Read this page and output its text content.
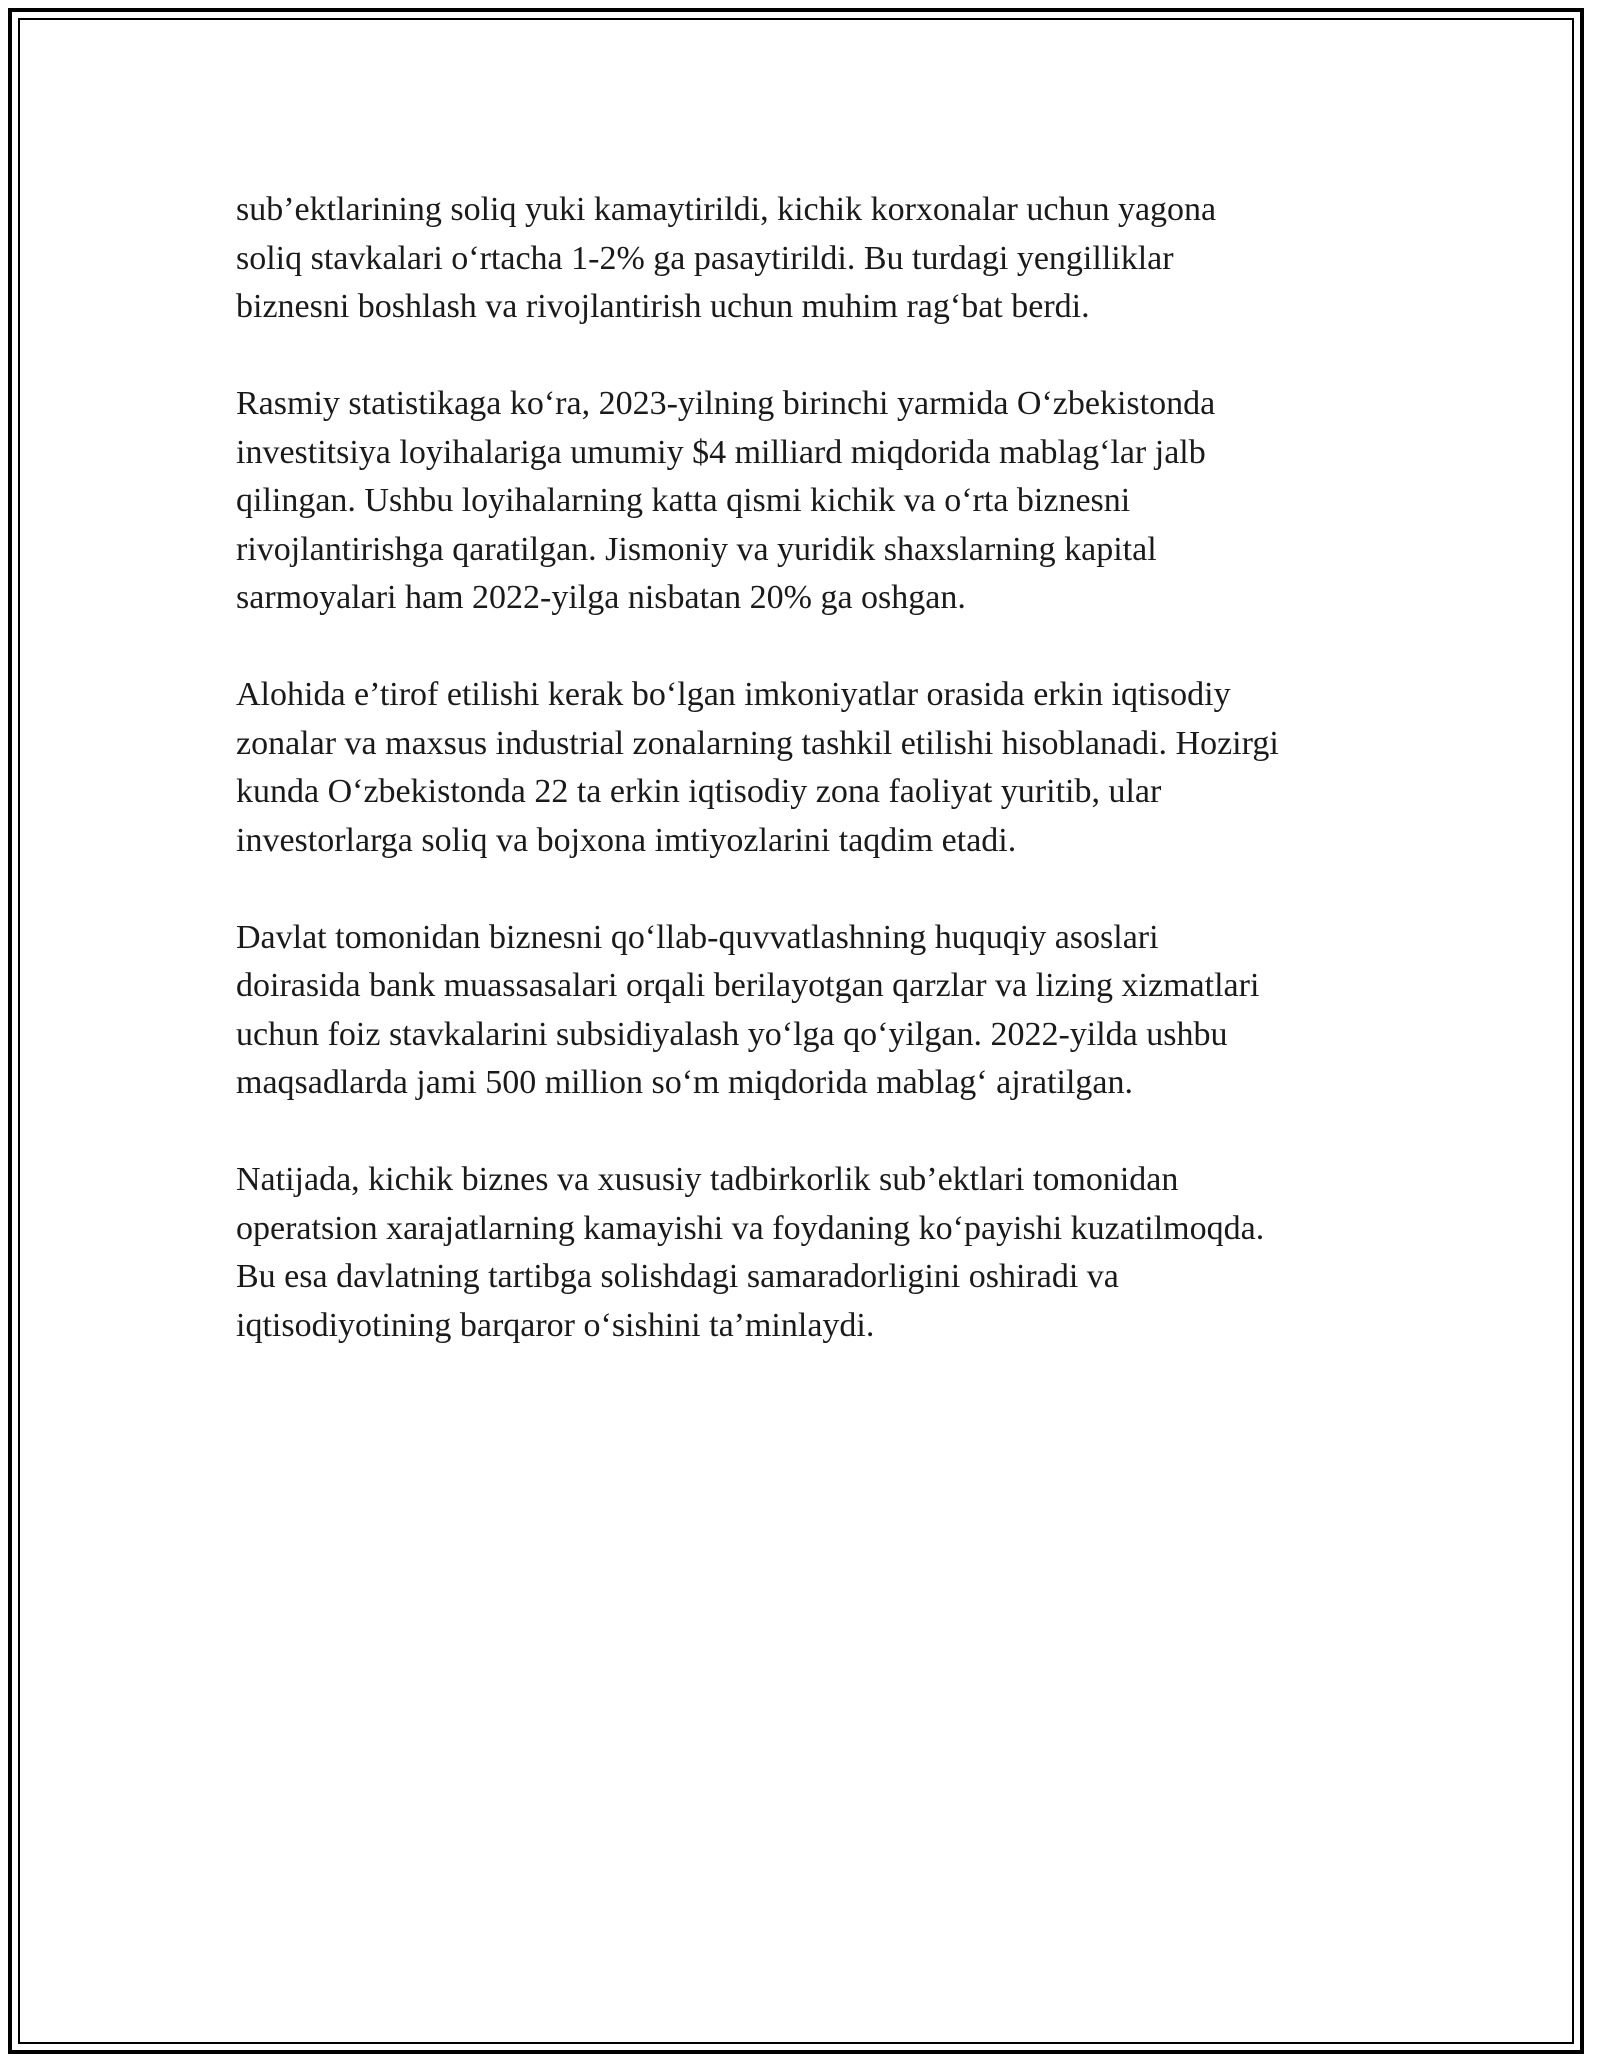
sub’ektlarining soliq yuki kamaytirildi, kichik korxonalar uchun yagona
soliq stavkalari o‘rtacha 1-2% ga pasaytirildi. Bu turdagi yengilliklar
biznesni boshlash va rivojlantirish uchun muhim rag‘bat berdi.

Rasmiy statistikaga ko‘ra, 2023-yilning birinchi yarmida O‘zbekistonda
investitsiya loyihalariga umumiy $4 milliard miqdorida mablag‘lar jalb
qilingan. Ushbu loyihalarning katta qismi kichik va o‘rta biznesni
rivojlantirishga qaratilgan. Jismoniy va yuridik shaxslarning kapital
sarmoyalari ham 2022-yilga nisbatan 20% ga oshgan.

Alohida e’tirof etilishi kerak bo‘lgan imkoniyatlar orasida erkin iqtisodiy
zonalar va maxsus industrial zonalarning tashkil etilishi hisoblanadi. Hozirgi
kunda O‘zbekistonda 22 ta erkin iqtisodiy zona faoliyat yuritib, ular
investorlarga soliq va bojxona imtiyozlarini taqdim etadi.

Davlat tomonidan biznesni qo‘llab-quvvatlashning huquqiy asoslari
doirasida bank muassasalari orqali berilayotgan qarzlar va lizing xizmatlari
uchun foiz stavkalarini subsidiyalash yo‘lga qo‘yilgan. 2022-yilda ushbu
maqsadlarda jami 500 million so‘m miqdorida mablag‘ ajratilgan.

Natijada, kichik biznes va xususiy tadbirkorlik sub’ektlari tomonidan
operatsion xarajatlarning kamayishi va foydaning ko‘payishi kuzatilmoqda.
Bu esa davlatning tartibga solishdagi samaradorligini oshiradi va
iqtisodiyotining barqaror o‘sishini ta’minlaydi.
